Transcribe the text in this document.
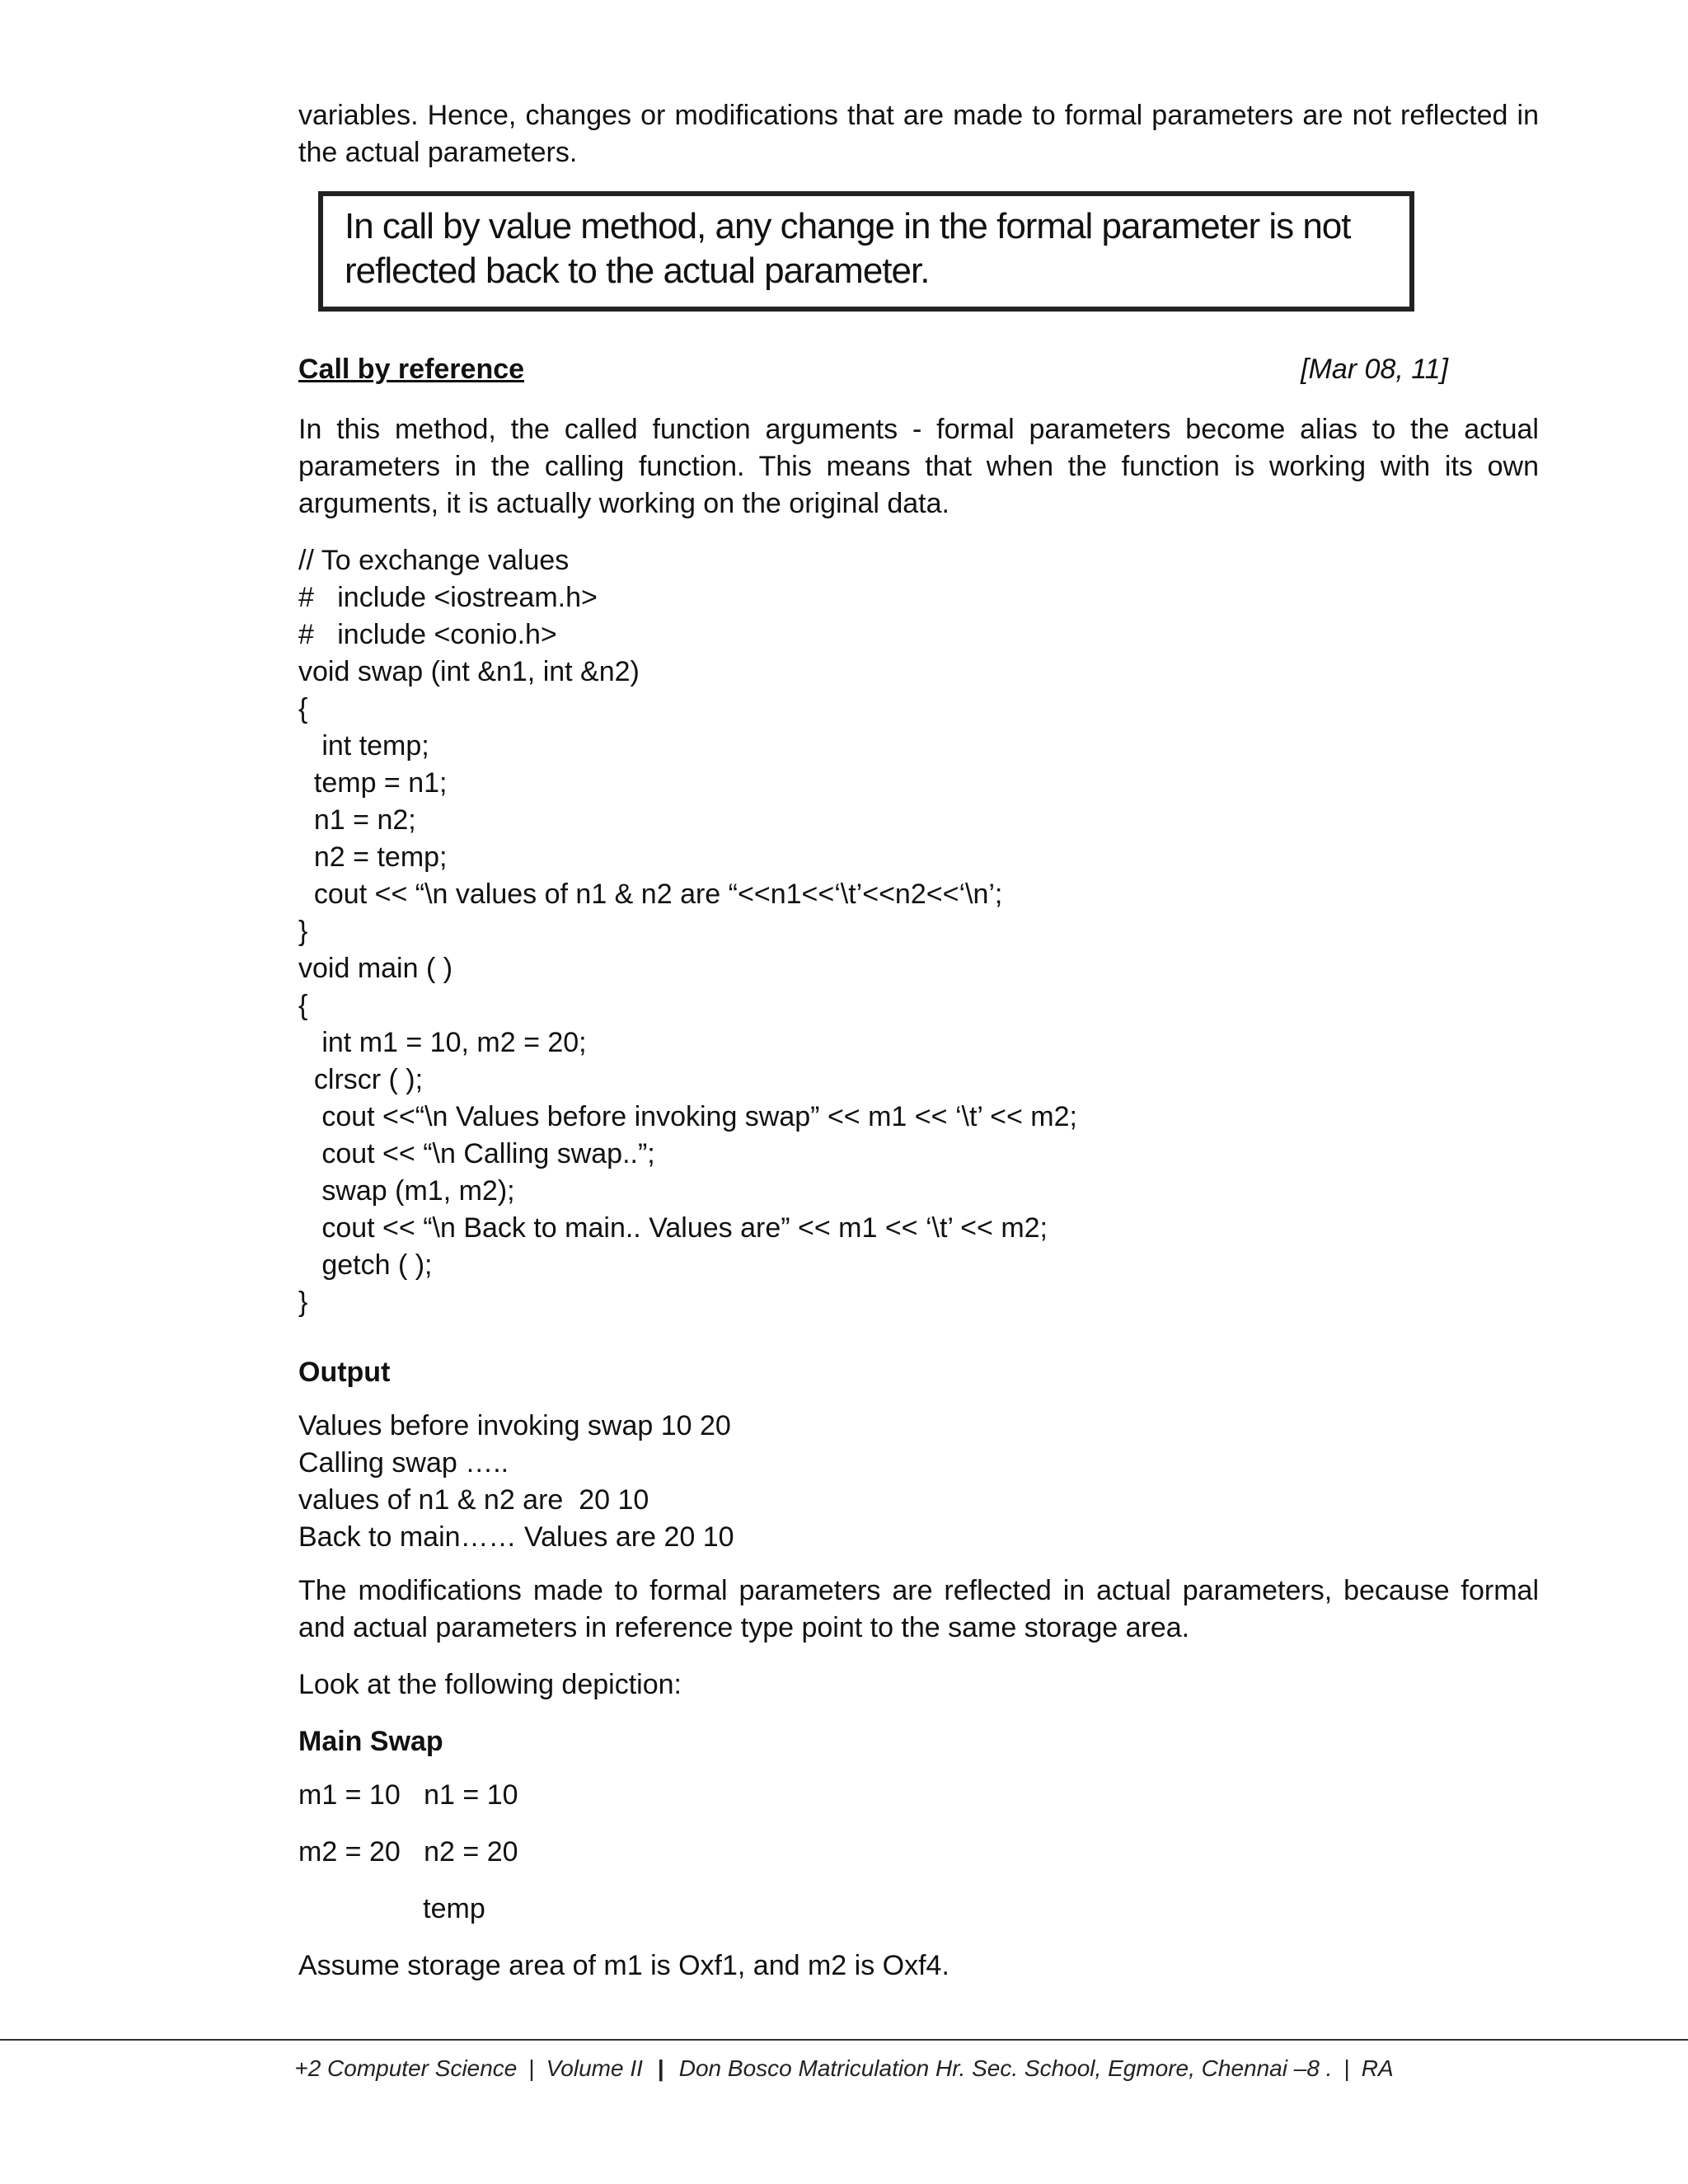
variables. Hence, changes or modifications that are made to formal parameters are not reflected in the actual parameters.

In call by value method, any change in the formal parameter is not

reflected back to the actual parameter.

Call by reference	[Mar 08, 11]

In this method, the called function arguments - formal parameters become alias to the actual parameters in the calling function. This means that when the function is working with its own arguments, it is actually working on the original data.

// To exchange values

#   include <iostream.h>

#   include <conio.h>

void swap (int &n1, int &n2)

{

int temp;

temp = n1;

n1 = n2;

n2 = temp;

cout << “\n values of n1 & n2 are “<<n1<<‘\t’<<n2<<‘\n’;

}

void main ( )

{

int m1 = 10, m2 = 20;

clrscr ( );

cout <<“\n Values before invoking swap” << m1 << ‘\t’ << m2;

cout << “\n Calling swap..”;

swap (m1, m2);

cout << “\n Back to main.. Values are” << m1 << ‘\t’ << m2;

getch ( );

}

Output

Values before invoking swap 10 20

Calling swap …..

values of n1 & n2 are  20 10

Back to main…… Values are 20 10

The modifications made to formal parameters are reflected in actual parameters, because formal and actual parameters in reference type point to the same storage area.

Look at the following depiction:

Main Swap

m1 = 10   n1 = 10

m2 = 20   n2 = 20

temp

Assume storage area of m1 is Oxf1, and m2 is Oxf4.

+2 Computer Science | Volume II | Don Bosco Matriculation Hr. Sec. School, Egmore, Chennai –8 . | RA
